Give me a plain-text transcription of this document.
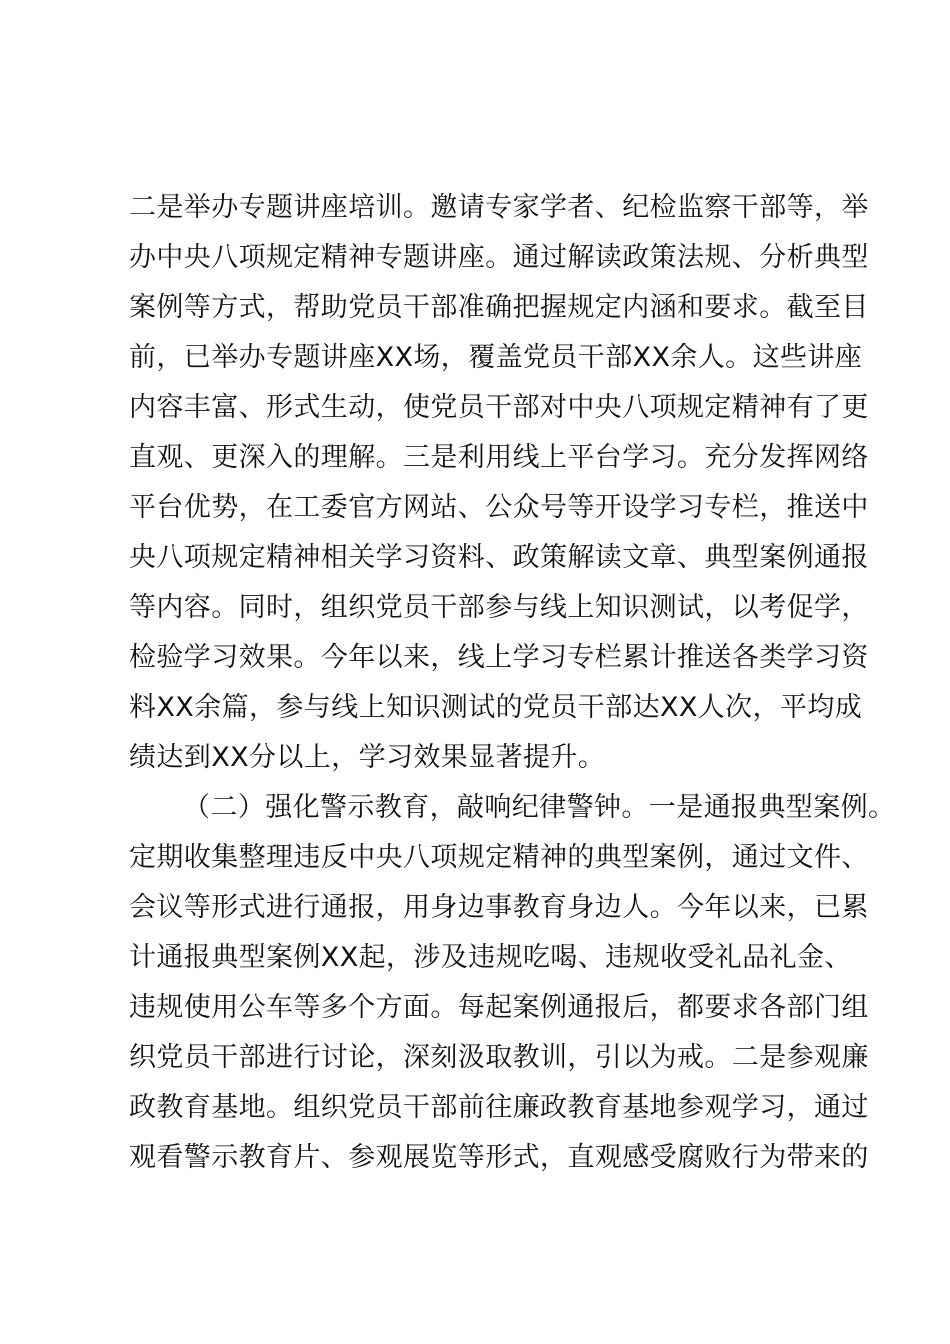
二是举办专题讲座培训。邀请专家学者、纪检监察干部等，举
办中央八项规定精神专题讲座。通过解读政策法规、分析典型
案例等方式，帮助党员干部准确把握规定内涵和要求。截至目
前，已举办专题讲座XX场，覆盖党员干部XX余人。这些讲座
内容丰富、形式生动，使党员干部对中央八项规定精神有了更
直观、更深入的理解。三是利用线上平台学习。充分发挥网络
平台优势，在工委官方网站、公众号等开设学习专栏，推送中
央八项规定精神相关学习资料、政策解读文章、典型案例通报
等内容。同时，组织党员干部参与线上知识测试，以考促学，
检验学习效果。今年以来，线上学习专栏累计推送各类学习资
料XX余篇，参与线上知识测试的党员干部达XX人次，平均成
绩达到XX分以上，学习效果显著提升。
（二）强化警示教育，敲响纪律警钟。一是通报典型案例。
定期收集整理违反中央八项规定精神的典型案例，通过文件、
会议等形式进行通报，用身边事教育身边人。今年以来，已累
计通报典型案例XX起，涉及违规吃喝、违规收受礼品礼金、
违规使用公车等多个方面。每起案例通报后，都要求各部门组
织党员干部进行讨论，深刻汲取教训，引以为戒。二是参观廉
政教育基地。组织党员干部前往廉政教育基地参观学习，通过
观看警示教育片、参观展览等形式，直观感受腐败行为带来的
